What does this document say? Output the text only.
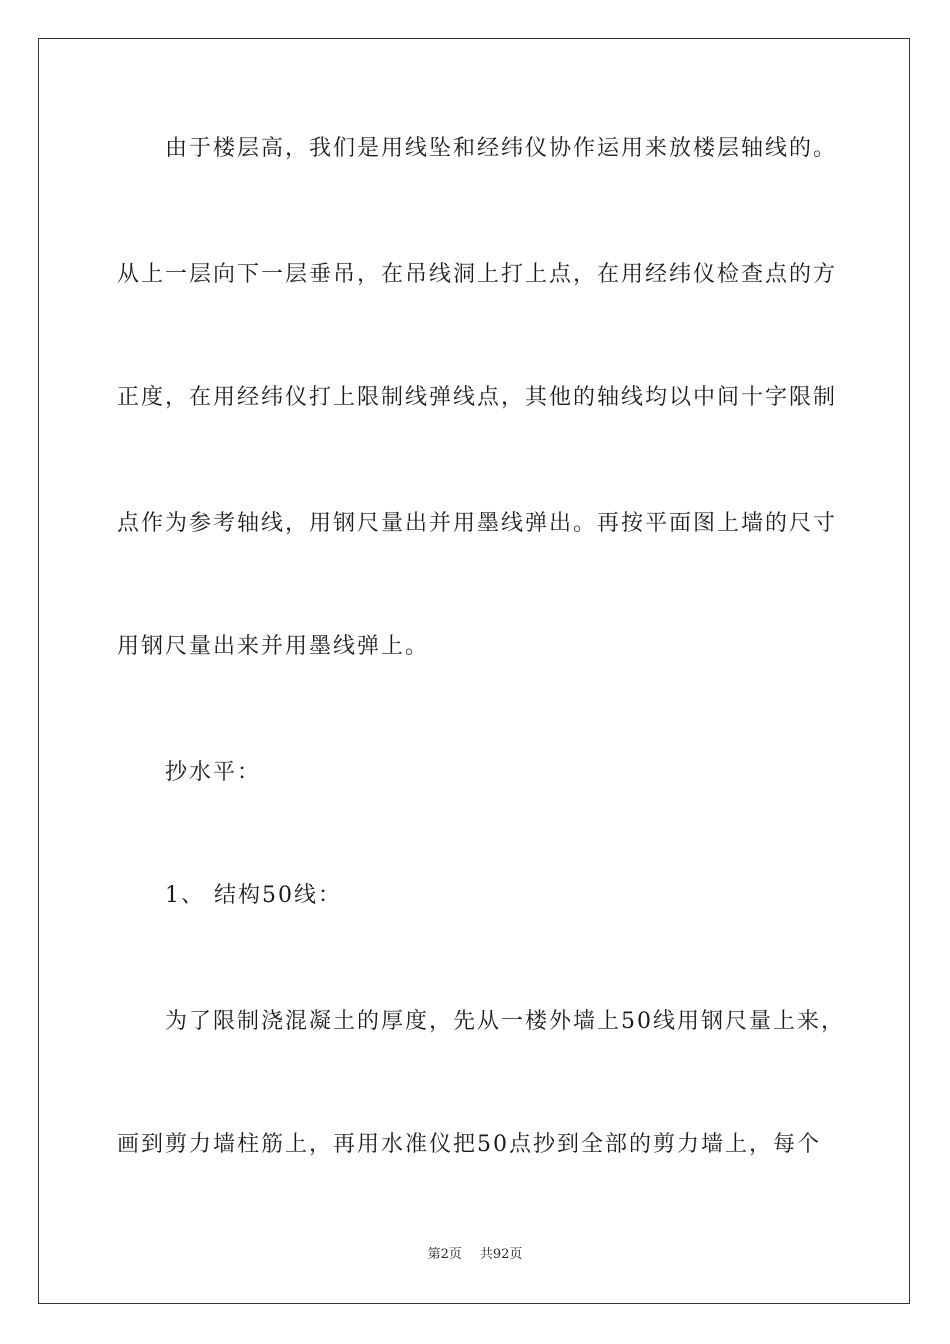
由于楼层高，我们是用线坠和经纬仪协作运用来放楼层轴线的。
从上一层向下一层垂吊，在吊线洞上打上点，在用经纬仪检查点的方
正度，在用经纬仪打上限制线弹线点，其他的轴线均以中间十字限制
点作为参考轴线，用钢尺量出并用墨线弹出。再按平面图上墙的尺寸
用钢尺量出来并用墨线弹上。
抄水平：
1、 结构50线：
为了限制浇混凝土的厚度，先从一楼外墙上50线用钢尺量上来，
画到剪力墙柱筋上，再用水准仪把50点抄到全部的剪力墙上，每个
第2页 共92页
